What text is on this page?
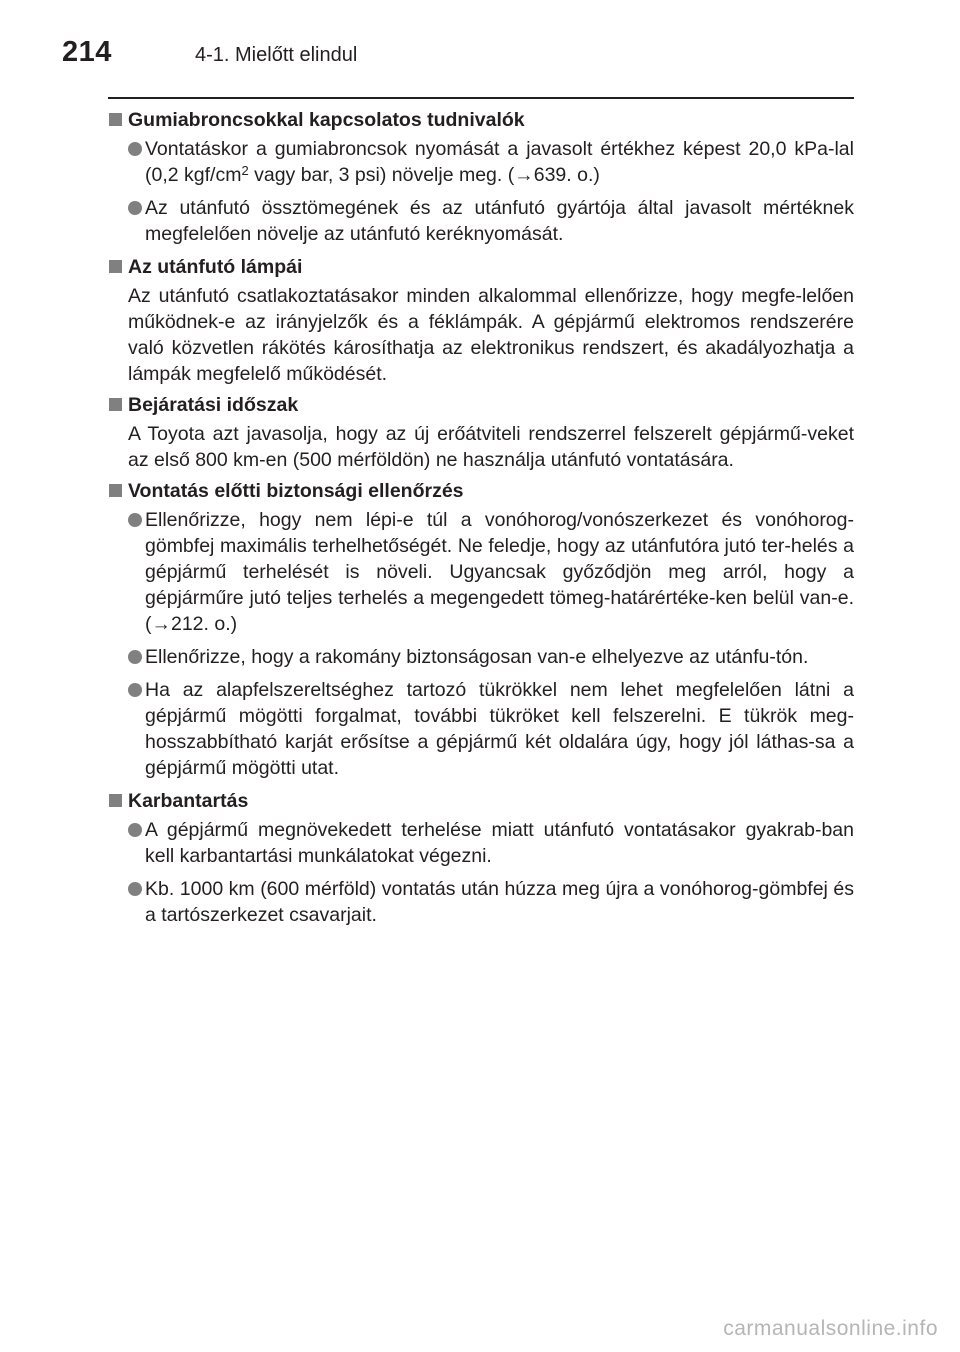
214	4-1. Mielőtt elindul
Gumiabroncsokkal kapcsolatos tudnivalók
Vontatáskor a gumiabroncsok nyomását a javasolt értékhez képest 20,0 kPa-lal (0,2 kgf/$cm^2$ vagy bar, 3 psi) növelje meg. (→639. o.)
Az utánfutó össztömegének és az utánfutó gyártója által javasolt mértéknek megfelelően növelje az utánfutó keréknyomását.
Az utánfutó lámpái
Az utánfutó csatlakoztatásakor minden alkalommal ellenőrizze, hogy megfe-lelően működnek-e az irányjelzők és a féklámpák. A gépjármű elektromos rendszerére való közvetlen rákötés károsíthatja az elektronikus rendszert, és akadályozhatja a lámpák megfelelő működését.
Bejáratási időszak
A Toyota azt javasolja, hogy az új erőátviteli rendszerrel felszerelt gépjármű-veket az első 800 km-en (500 mérföldön) ne használja utánfutó vontatására.
Vontatás előtti biztonsági ellenőrzés
Ellenőrizze, hogy nem lépi-e túl a vonóhorog/vonószerkezet és vonóhorog-gömbfej maximális terhelhetőségét. Ne feledje, hogy az utánfutóra jutó ter-helés a gépjármű terhelését is növeli. Ugyancsak győződjön meg arról, hogy a gépjárműre jutó teljes terhelés a megengedett tömeg-határértéke-ken belül van-e. (→212. o.)
Ellenőrizze, hogy a rakomány biztonságosan van-e elhelyezve az utánfu-tón.
Ha az alapfelszereltséghez tartozó tükrökkel nem lehet megfelelően látni a gépjármű mögötti forgalmat, további tükröket kell felszerelni. E tükrök meg-hosszabbítható karját erősítse a gépjármű két oldalára úgy, hogy jól láthas-sa a gépjármű mögötti utat.
Karbantartás
A gépjármű megnövekedett terhelése miatt utánfutó vontatásakor gyakrab-ban kell karbantartási munkálatokat végezni.
Kb. 1000 km (600 mérföld) vontatás után húzza meg újra a vonóhorog-gömbfej és a tartószerkezet csavarjait.
carmanualsonline.info
